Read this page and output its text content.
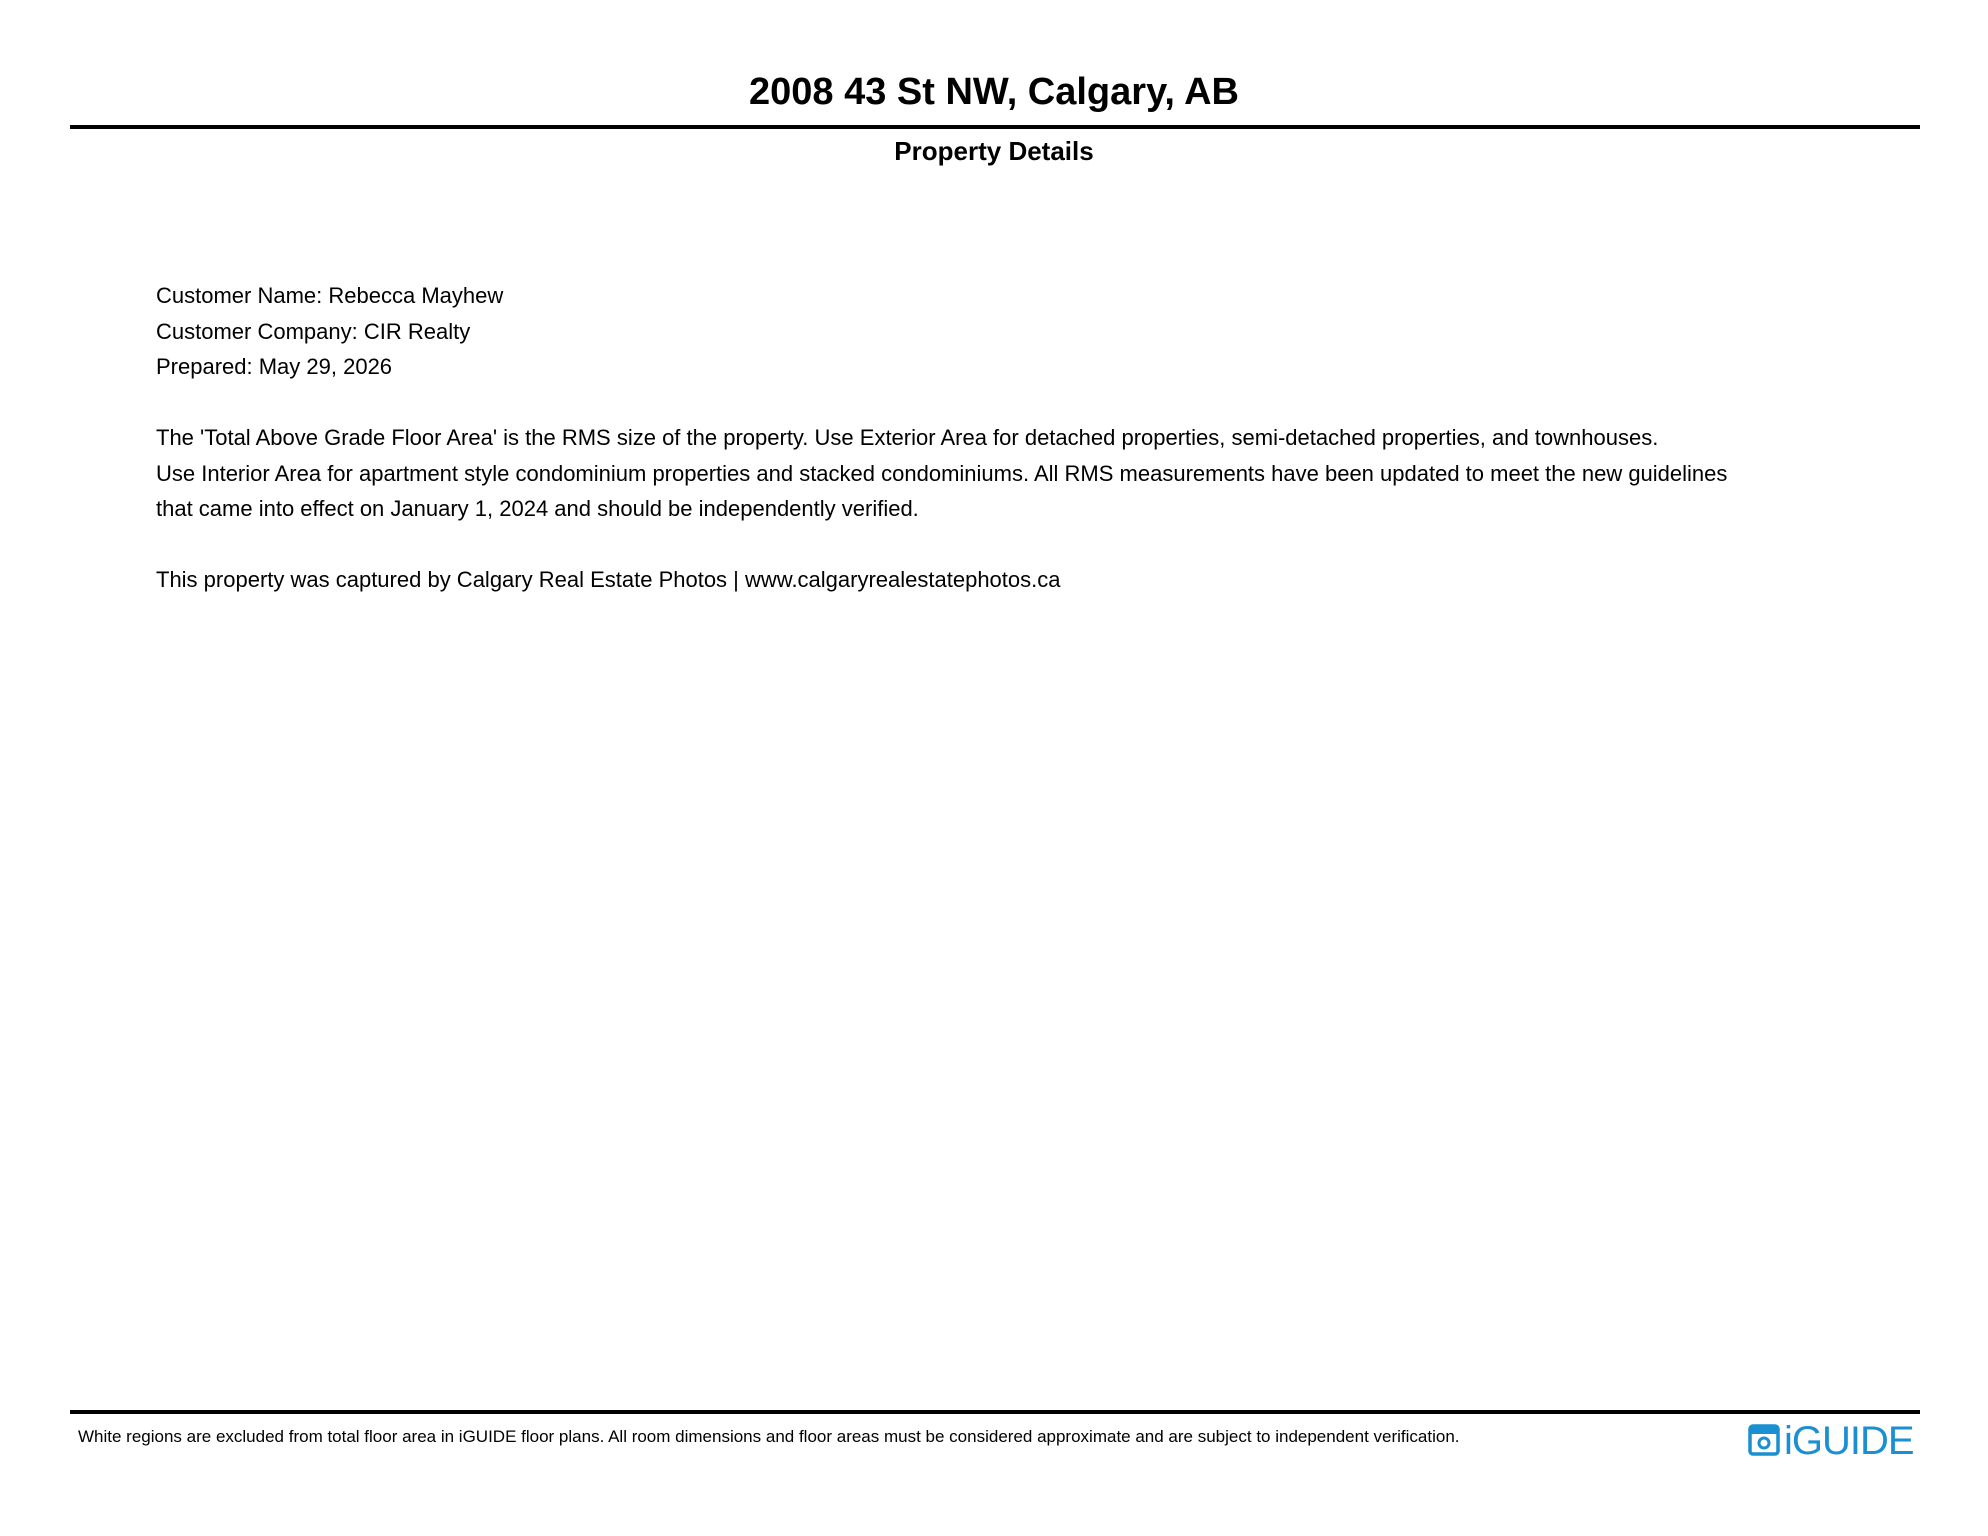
2008 43 St NW, Calgary, AB
Property Details

Customer Name: Rebecca Mayhew

Customer Company: CIR Realty

Prepared: May 29, 2026

The 'Total Above Grade Floor Area' is the RMS size of the property. Use Exterior Area for detached properties, semi-detached properties, and townhouses.

Use Interior Area for apartment style condominium properties and stacked condominiums. All RMS measurements have been updated to meet the new guidelines

that came into effect on January 1, 2024 and should be independently verified.

This property was captured by Calgary Real Estate Photos | www.calgaryrealestatephotos.ca

White regions are excluded from total floor area in iGUIDE floor plans. All room dimensions and floor areas must be considered approximate and are subject to independent verification.	iGUIDE
